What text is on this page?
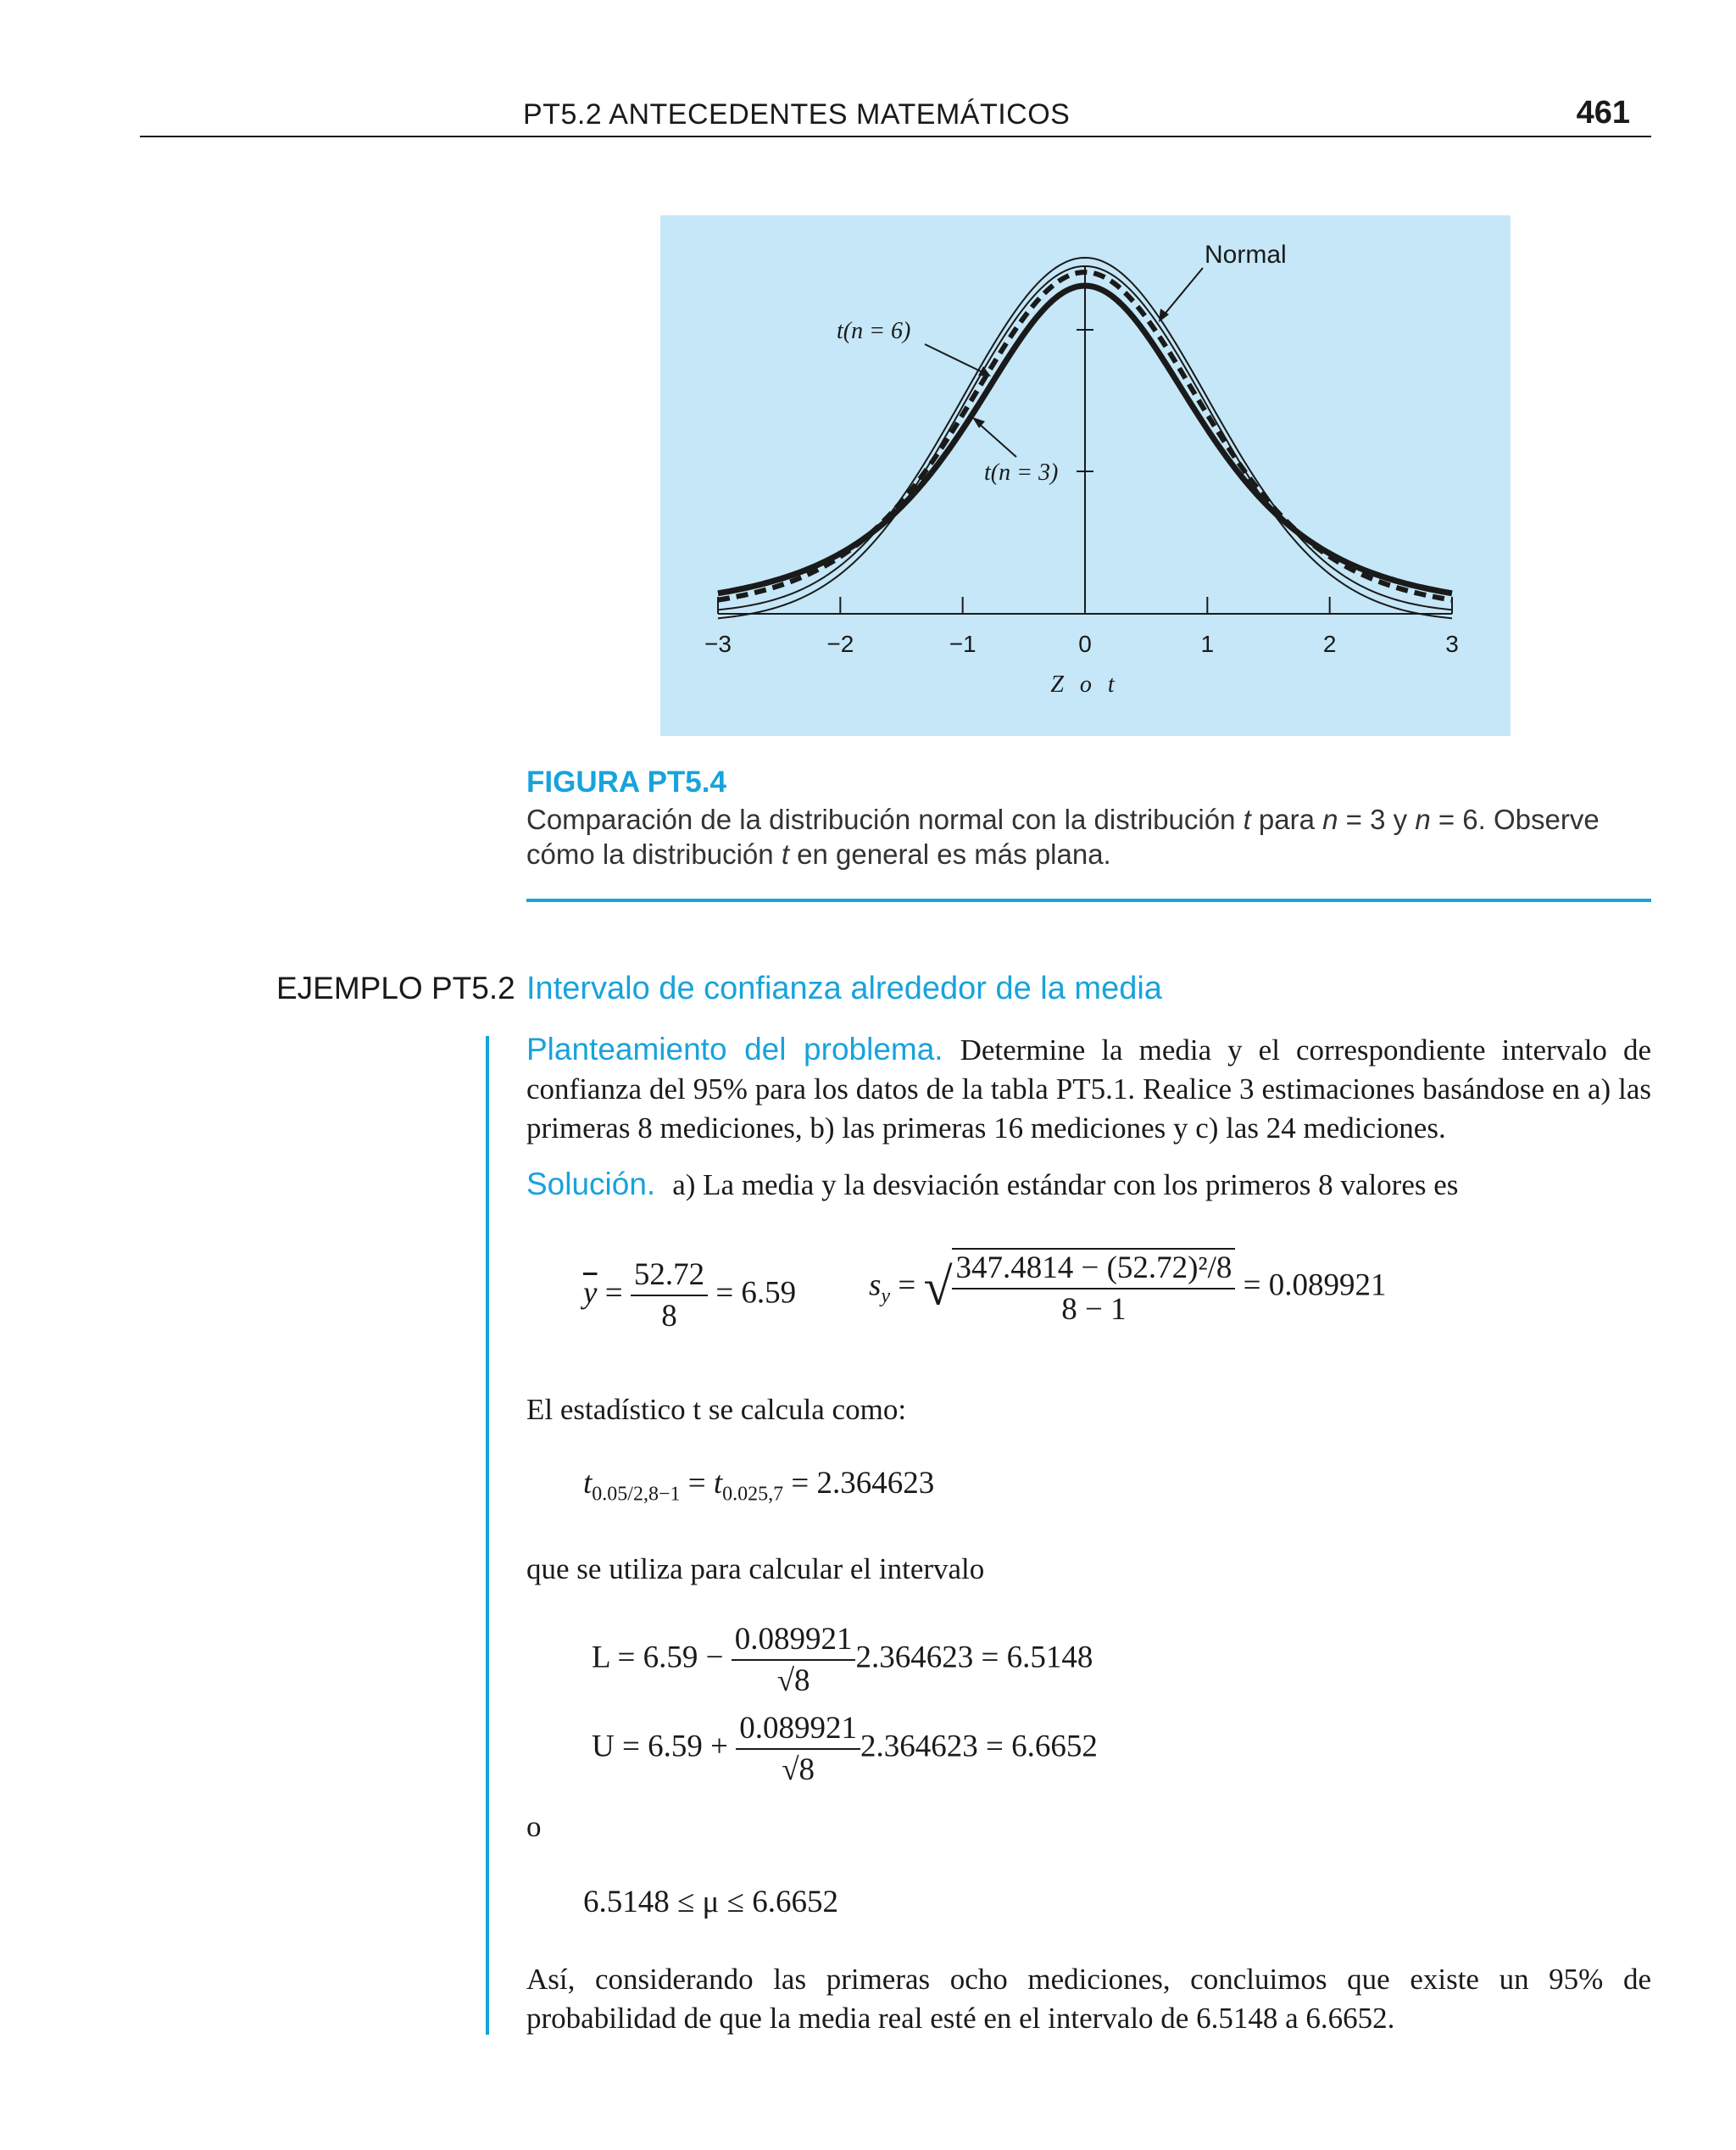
PT5.2 ANTECEDENTES MATEMÁTICOS	461
−3	−2	−1	0	1	2	3
Normal
t(n = 6)
t(n = 3)
Z o t
FIGURA PT5.4
Comparación de la distribución normal con la distribución t para n = 3 y n = 6. Observe cómo la distribución t en general es más plana.
EJEMPLO PT5.2 Intervalo de confianza alrededor de la media
Planteamiento del problema. Determine la media y el correspondiente intervalo de confianza del 95% para los datos de la tabla PT5.1. Realice 3 estimaciones basándose en a) las primeras 8 mediciones, b) las primeras 16 mediciones y c) las 24 mediciones.
Solución. a) La media y la desviación estándar con los primeros 8 valores es
$\overline{y} = \frac{52.72}{8} = 6.59$ $s_y$ = √ $\frac{\text{347.4814 − (52.72)²/8}}{8 - 1} = 0.089921$
El estadístico t se calcula como:
$t_{0.05/2,8-1} = t_{0.025,7} = 2.364623$
que se utiliza para calcular el intervalo
$L = 6.59 - \frac{0.089921}{√8} 2.364623 = 6.5148$
$U = 6.59 + \frac{0.089921}{√8} 2.364623 = 6.6652$
o
6.5148 ≤ μ ≤ 6.6652
Así, considerando las primeras ocho mediciones, concluimos que existe un 95% de probabilidad de que la media real esté en el intervalo de 6.5148 a 6.6652.
